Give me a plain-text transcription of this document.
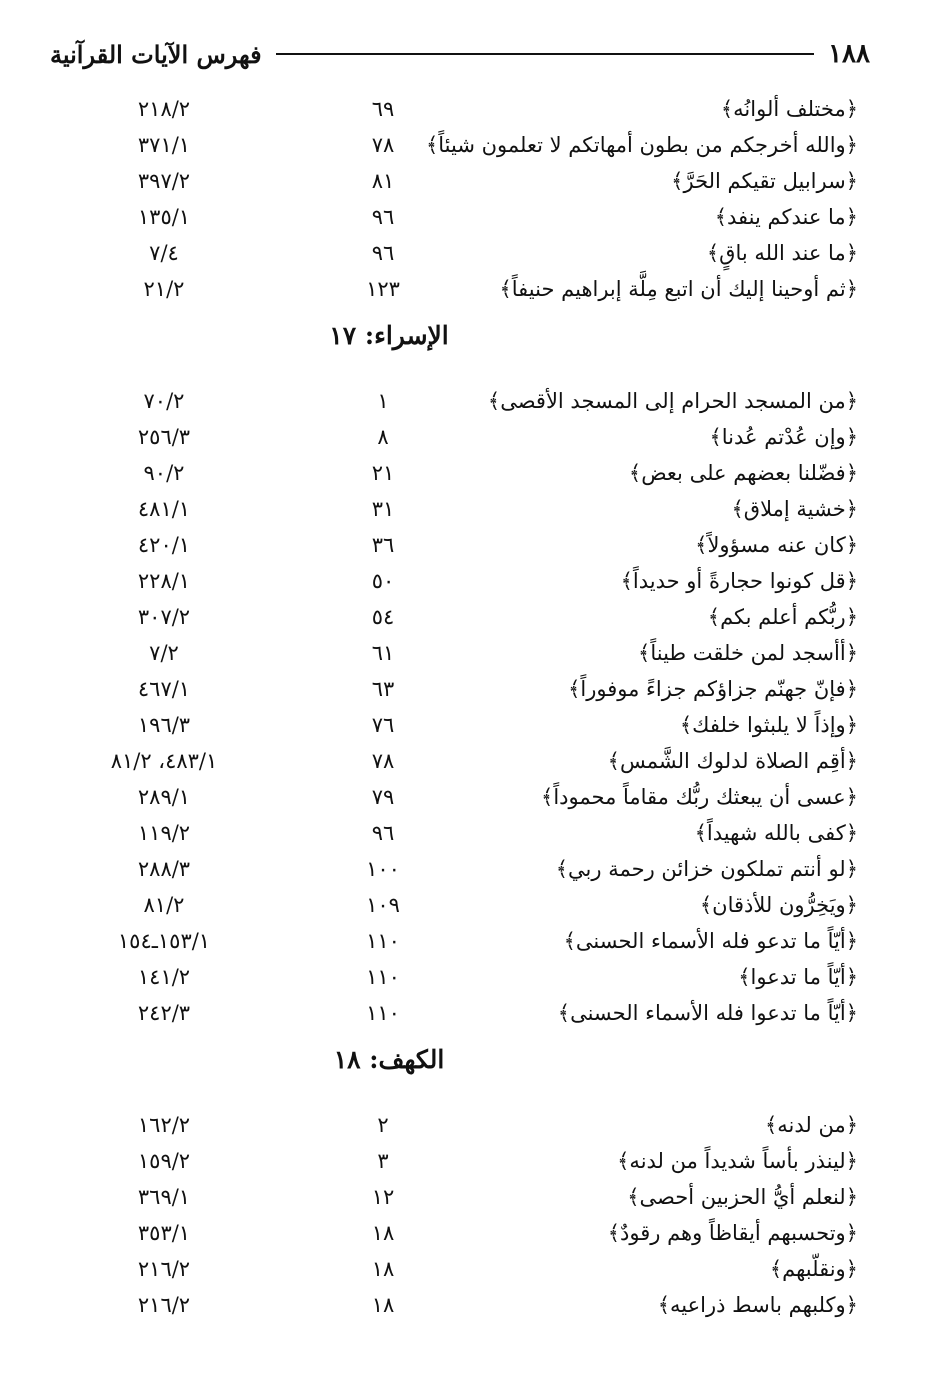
١٨٨
فهرس الآيات القرآنية
﴿مختلف ألوانُه﴾
٦٩
٢١٨/٢
﴿والله أخرجكم من بطون أمهاتكم لا تعلمون شيئاً﴾
٧٨
٣٧١/١
﴿سرابيل تقيكم الحَرَّ﴾
٨١
٣٩٧/٢
﴿ما عندكم ينفد﴾
٩٦
١٣٥/١
﴿ما عند الله باقٍ﴾
٩٦
٧/٤
﴿ثم أوحينا إليك أن اتبع مِلَّة إبراهيم حنيفاً﴾
١٢٣
٢١/٢
الإسراء: ١٧
﴿من المسجد الحرام إلى المسجد الأقصى﴾
١
٧٠/٢
﴿وإن عُدْتم عُدنا﴾
٨
٢٥٦/٣
﴿فضّلنا بعضهم على بعض﴾
٢١
٩٠/٢
﴿خشية إملاق﴾
٣١
٤٨١/١
﴿كان عنه مسؤولاً﴾
٣٦
٤٢٠/١
﴿قل كونوا حجارةً أو حديداً﴾
٥٠
٢٢٨/١
﴿ربُّكم أعلم بكم﴾
٥٤
٣٠٧/٢
﴿أأسجد لمن خلقت طيناً﴾
٦١
٧/٢
﴿فإنّ جهنّم جزاؤكم جزاءً موفوراً﴾
٦٣
٤٦٧/١
﴿وإذاً لا يلبثوا خلفك﴾
٧٦
١٩٦/٣
﴿أقِم الصلاة لدلوك الشَّمس﴾
٧٨
٤٨٣/١، ٨١/٢
﴿عسى أن يبعثك ربُّك مقاماً محموداً﴾
٧٩
٢٨٩/١
﴿كفى بالله شهيداً﴾
٩٦
١١٩/٢
﴿لو أنتم تملكون خزائن رحمة ربي﴾
١٠٠
٢٨٨/٣
﴿ويَخِرُّون للأذقان﴾
١٠٩
٨١/٢
﴿أيّاً ما تدعو فله الأسماء الحسنى﴾
١١٠
١٥٣/١ـ١٥٤
﴿أيّاً ما تدعوا﴾
١١٠
١٤١/٢
﴿أيّاً ما تدعوا فله الأسماء الحسنى﴾
١١٠
٢٤٢/٣
الكهف: ١٨
﴿من لدنه﴾
٢
١٦٢/٢
﴿لينذر بأساً شديداً من لدنه﴾
٣
١٥٩/٢
﴿لنعلم أيُّ الحزبين أحصى﴾
١٢
٣٦٩/١
﴿وتحسبهم أيقاظاً وهم رقودٌ﴾
١٨
٣٥٣/١
﴿ونقلّبهم﴾
١٨
٢١٦/٢
﴿وكلبهم باسط ذراعيه﴾
١٨
٢١٦/٢
